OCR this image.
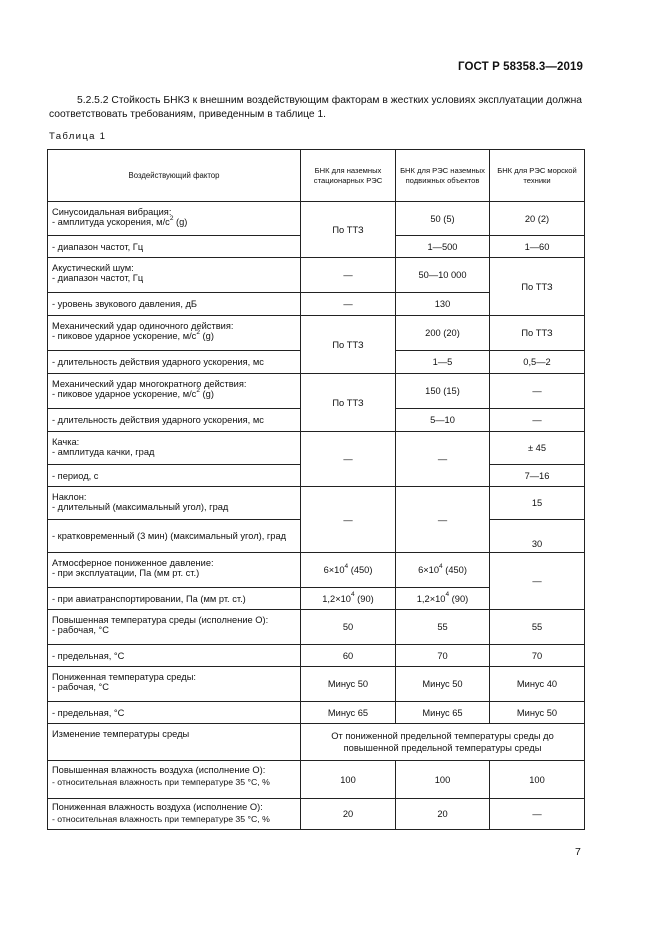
ГОСТ Р 58358.3—2019
5.2.5.2 Стойкость БНКЗ к внешним воздействующим факторам в жестких условиях эксплуатации должна соответствовать требованиям, приведенным в таблице 1.
Таблица 1
Воздействующий фактор	БНК для наземных стационарных РЭС	БНК для РЭС наземных подвижных объектов	БНК для РЭС морской техники

Синусоидальная вибрация:
- амплитуда ускорения, $м/с^2$ (g)	По ТТЗ	50 (5)	20 (2)
- диапазон частот, Гц		1—500	1—60

Акустический шум:
- диапазон частот, Гц	—	50—10 000	По ТТЗ
- уровень звукового давления, дБ	—	130	

Механический удар одиночного действия:
- пиковое ударное ускорение, $м/с^2$ (g)	По ТТЗ	200 (20)	По ТТЗ
- длительность действия ударного ускорения, мс		1—5	0,5—2

Механический удар многократного действия:
- пиковое ударное ускорение, $м/с^2$ (g)	По ТТЗ	150 (15)	—
- длительность действия ударного ускорения, мс		5—10	—

Качка:
- амплитуда качки, град	—	—	± 45
- период, с			7—16

Наклон:
- длительный (максимальный угол), град	—	—	15
- кратковременный (3 мин) (максимальный угол), град			30

Атмосферное пониженное давление:
- при эксплуатации, Па (мм рт. ст.)	$6\times 10^4$ (450)	$6\times 10^4$ (450)	—
- при авиатранспортировании, Па (мм рт. ст.)	$1,2\times 10^4$ (90)	$1,2\times 10^4$ (90)	

Повышенная температура среды (исполнение О):
- рабочая, °С	50	55	55
- предельная, °С	60	70	70

Пониженная температура среды:
- рабочая, °С	Минус 50	Минус 50	Минус 40
- предельная, °С	Минус 65	Минус 65	Минус 50
Изменение температуры среды	От пониженной предельной температуры среды до повышенной предельной температуры среды		

Повышенная влажность воздуха (исполнение О):
- относительная влажность при температуре 35 °С, %	100	100	100

Пониженная влажность воздуха (исполнение О):
- относительная влажность при температуре 35 °С, %	20	20	—
7
